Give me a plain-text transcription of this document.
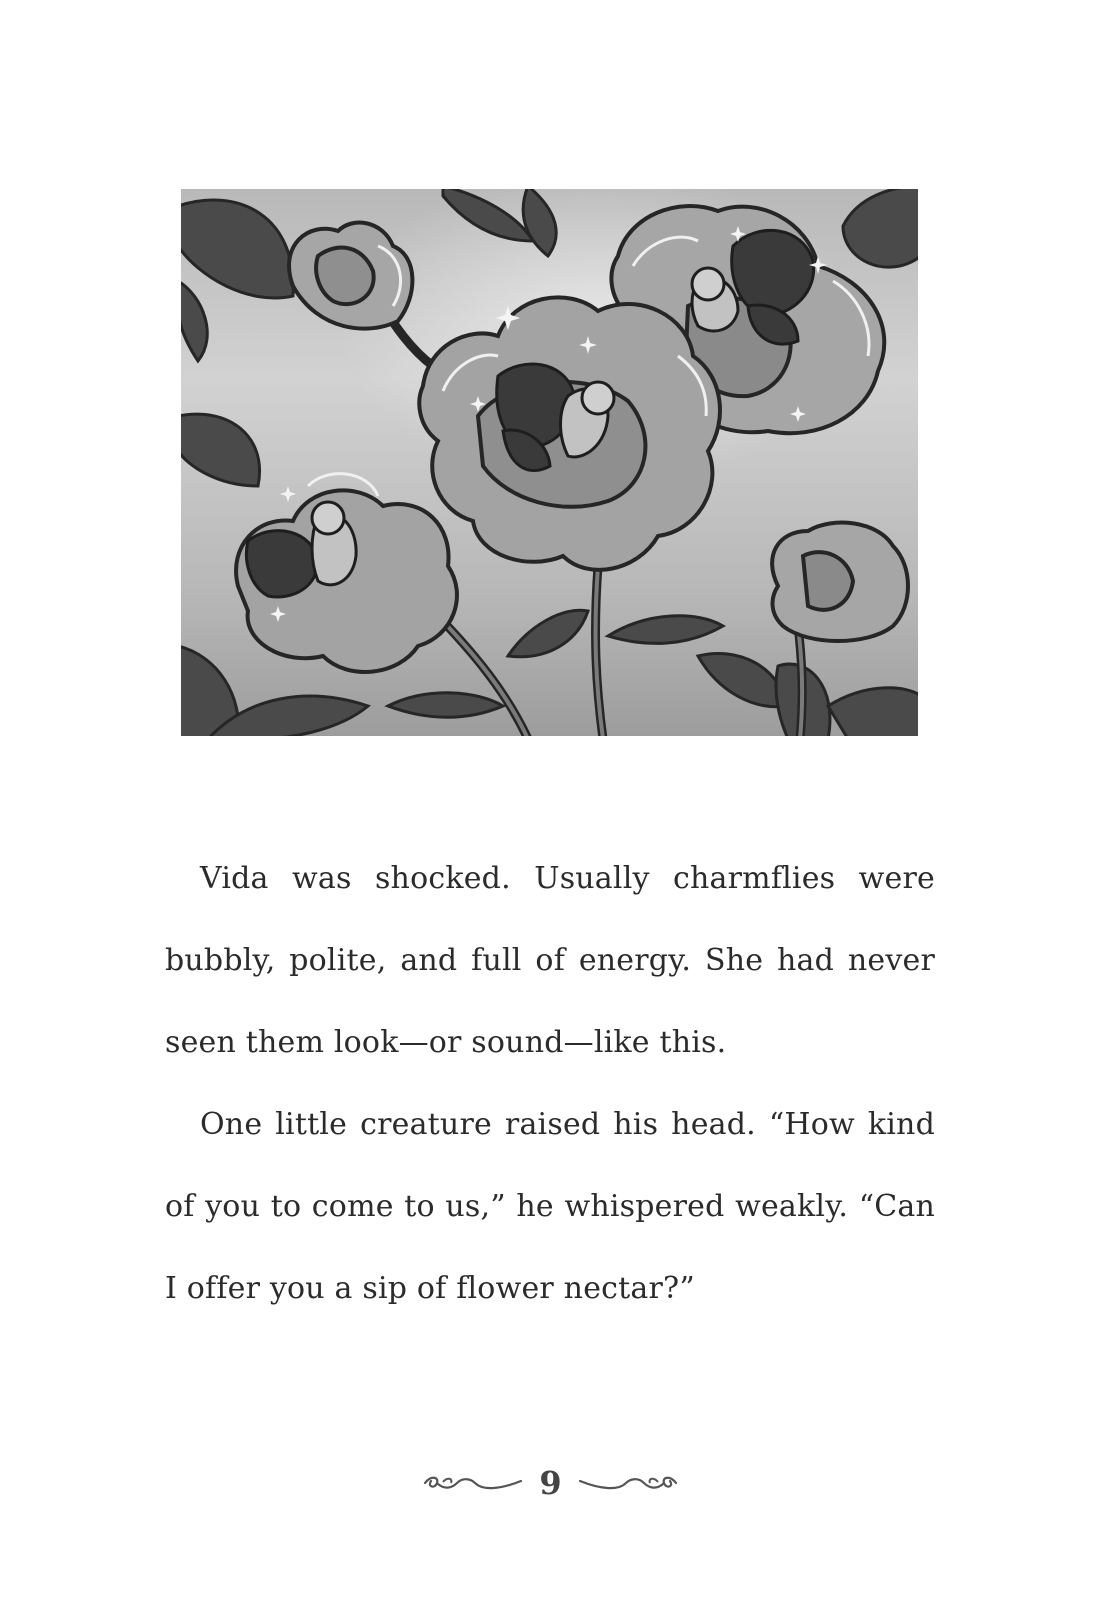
Vida was shocked. Usually charmflies were bubbly, polite, and full of energy. She had never seen them look—or sound—like this.

One little creature raised his head. “How kind of you to come to us,” he whispered weakly. “Can I offer you a sip of flower nectar?”

9
